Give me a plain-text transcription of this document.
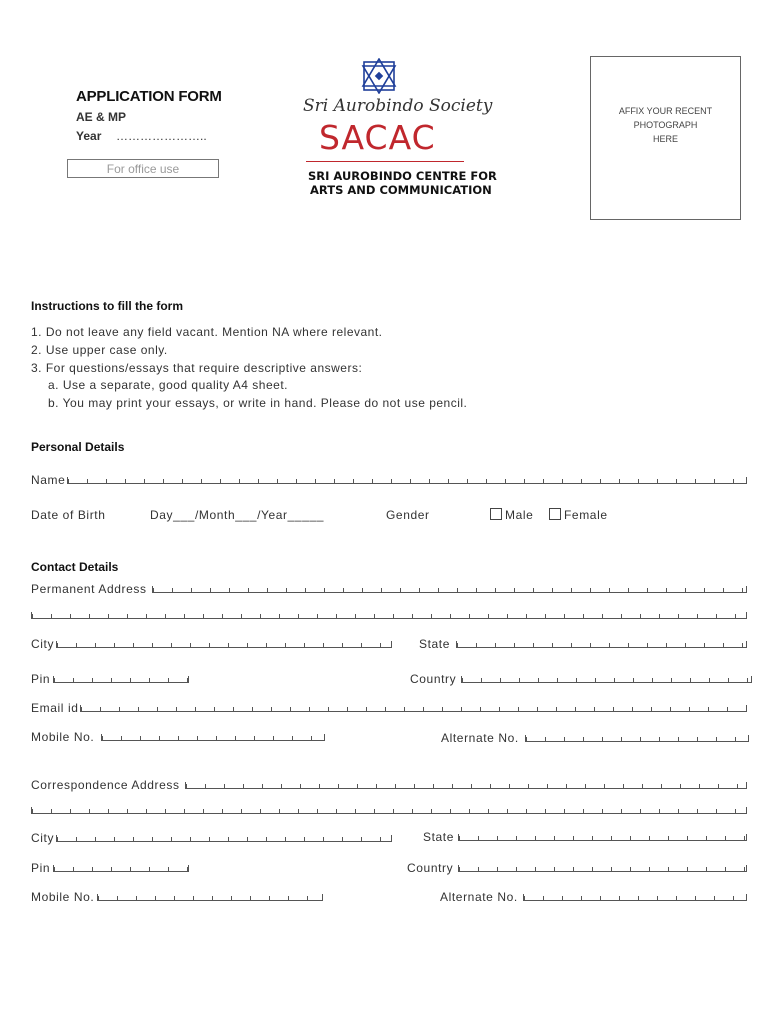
APPLICATION FORM
AE & MP
Year …………………..
For office use
Sri Aurobindo Society
SACAC
SRI AUROBINDO CENTRE FOR
ARTS AND COMMUNICATION
AFFIX YOUR RECENT
PHOTOGRAPH
HERE
Instructions to fill the form
1. Do not leave any field vacant. Mention NA where relevant.
2. Use upper case only.
3. For questions/essays that require descriptive answers:
a. Use a separate, good quality A4 sheet.
b. You may print your essays, or write in hand. Please do not use pencil.
Personal Details
Name
Date of Birth	Day___/Month___/Year_____	Gender	Male	Female
Contact Details
Permanent Address
City	State
Pin	Country
Email id
Mobile No.	Alternate No.
Correspondence Address
City	State
Pin	Country
Mobile No.	Alternate No.
